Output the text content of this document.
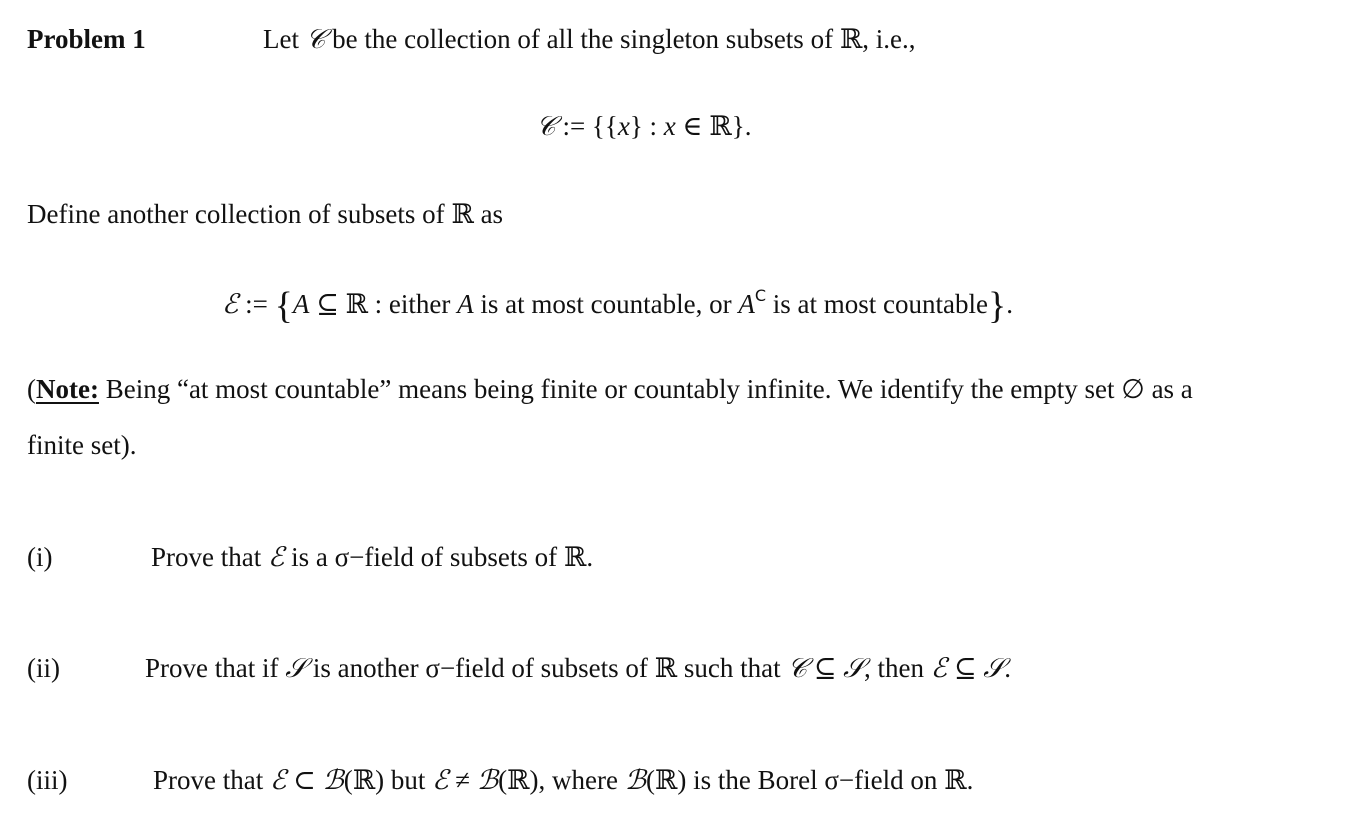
Problem 1	Let 𝒞 be the collection of all the singleton subsets of ℝ, i.e.,
𝒞 := {{x} : x ∈ ℝ}.
Define another collection of subsets of ℝ as
ℰ := {A ⊆ ℝ : either A is at most countable, or $A^C$ is at most countable}.
(Note: Being “at most countable” means being finite or countably infinite. We identify the empty set ∅ as a
finite set).
(i)	Prove that ℰ is a σ−field of subsets of ℝ.
(ii)	Prove that if 𝒮 is another σ−field of subsets of ℝ such that 𝒞 ⊆ 𝒮, then ℰ ⊆ 𝒮.
(iii)	Prove that ℰ ⊂ ℬ(ℝ) but ℰ ≠ ℬ(ℝ), where ℬ(ℝ) is the Borel σ−field on ℝ.
